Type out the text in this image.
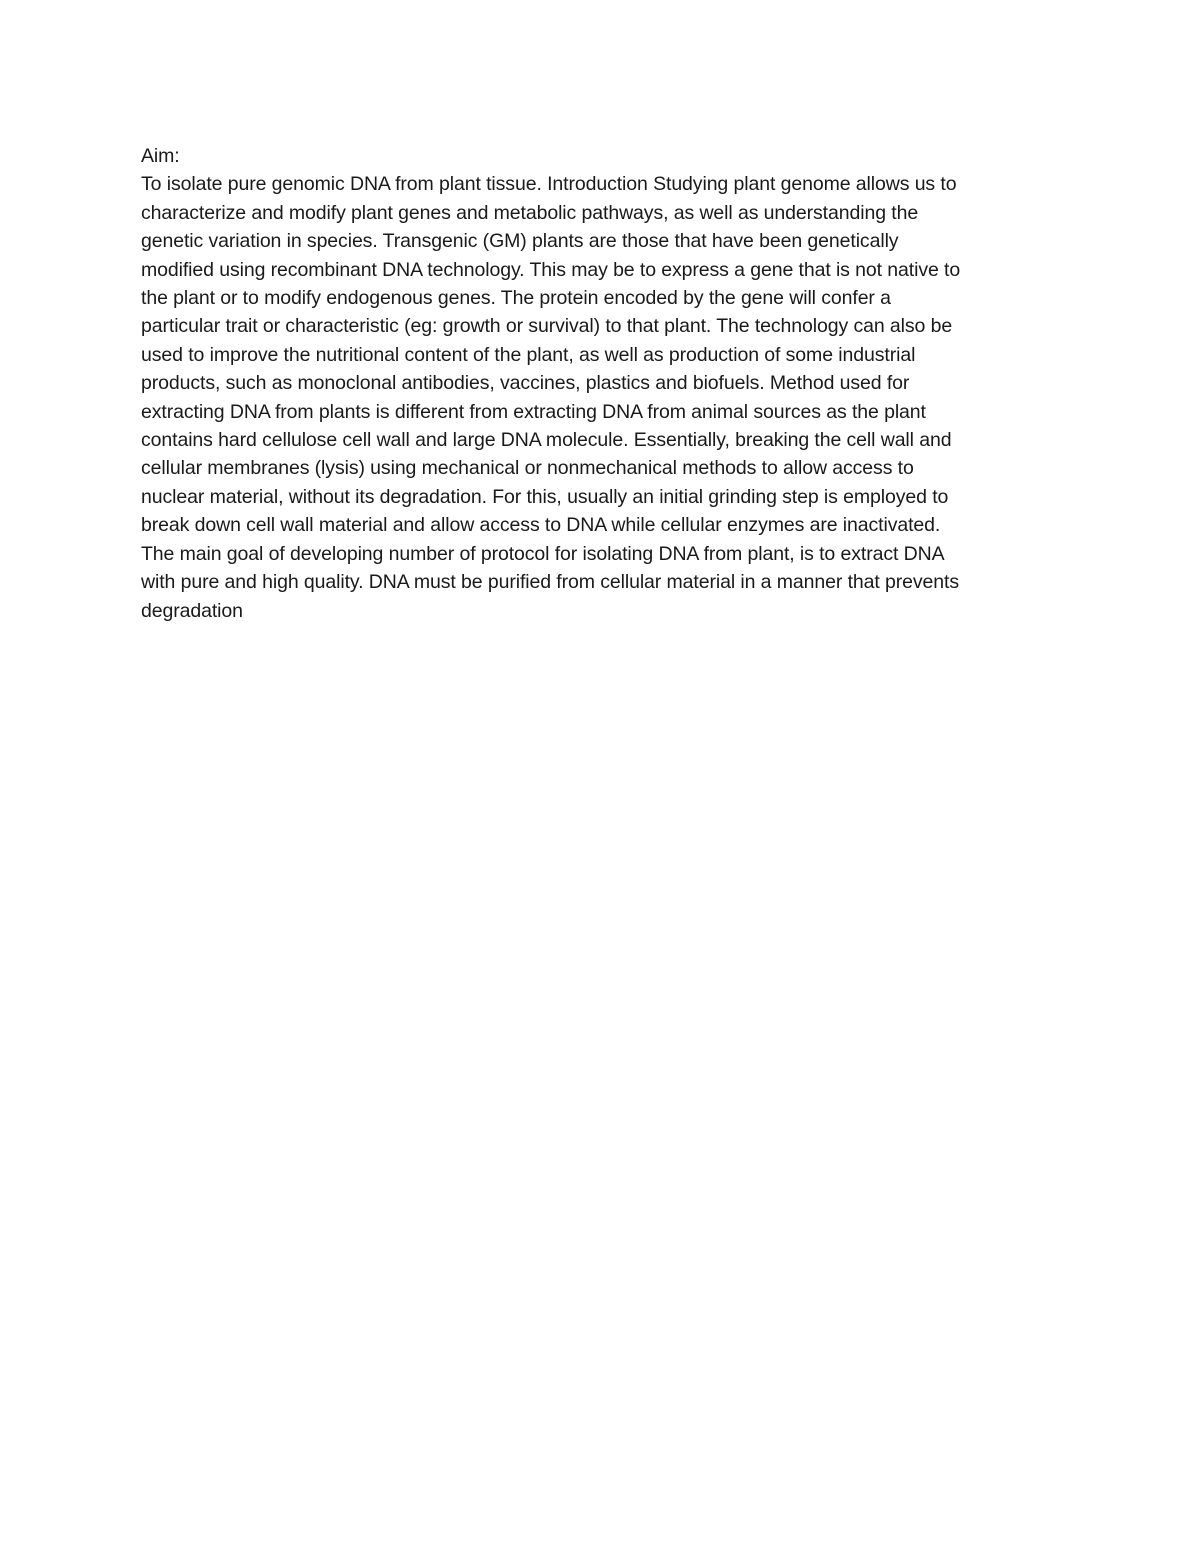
Aim:
To isolate pure genomic DNA from plant tissue. Introduction Studying plant genome allows us to
characterize and modify plant genes and metabolic pathways, as well as understanding the
genetic variation in species. Transgenic (GM) plants are those that have been genetically
modified using recombinant DNA technology. This may be to express a gene that is not native to
the plant or to modify endogenous genes. The protein encoded by the gene will confer a
particular trait or characteristic (eg: growth or survival) to that plant. The technology can also be
used to improve the nutritional content of the plant, as well as production of some industrial
products, such as monoclonal antibodies, vaccines, plastics and biofuels. Method used for
extracting DNA from plants is different from extracting DNA from animal sources as the plant
contains hard cellulose cell wall and large DNA molecule. Essentially, breaking the cell wall and
cellular membranes (lysis) using mechanical or nonmechanical methods to allow access to
nuclear material, without its degradation. For this, usually an initial grinding step is employed to
break down cell wall material and allow access to DNA while cellular enzymes are inactivated.
The main goal of developing number of protocol for isolating DNA from plant, is to extract DNA
with pure and high quality. DNA must be purified from cellular material in a manner that prevents
degradation
